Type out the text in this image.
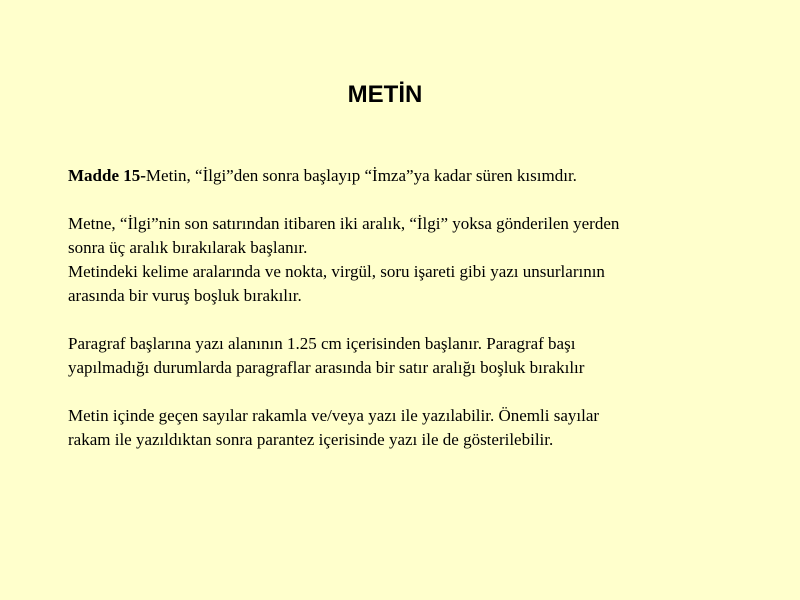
METİN

Madde 15-Metin, “İlgi”den sonra başlayıp “İmza”ya kadar süren kısımdır.

Metne, “İlgi”nin son satırından itibaren iki aralık, “İlgi” yoksa gönderilen yerden
sonra üç aralık bırakılarak başlanır.
Metindeki kelime aralarında ve nokta, virgül, soru işareti gibi yazı unsurlarının
arasında bir vuruş boşluk bırakılır.
Paragraf başlarına yazı alanının 1.25 cm içerisinden başlanır. Paragraf başı
yapılmadığı durumlarda paragraflar arasında bir satır aralığı boşluk bırakılır
Metin içinde geçen sayılar rakamla ve/veya yazı ile yazılabilir. Önemli sayılar
rakam ile yazıldıktan sonra parantez içerisinde yazı ile de gösterilebilir.
